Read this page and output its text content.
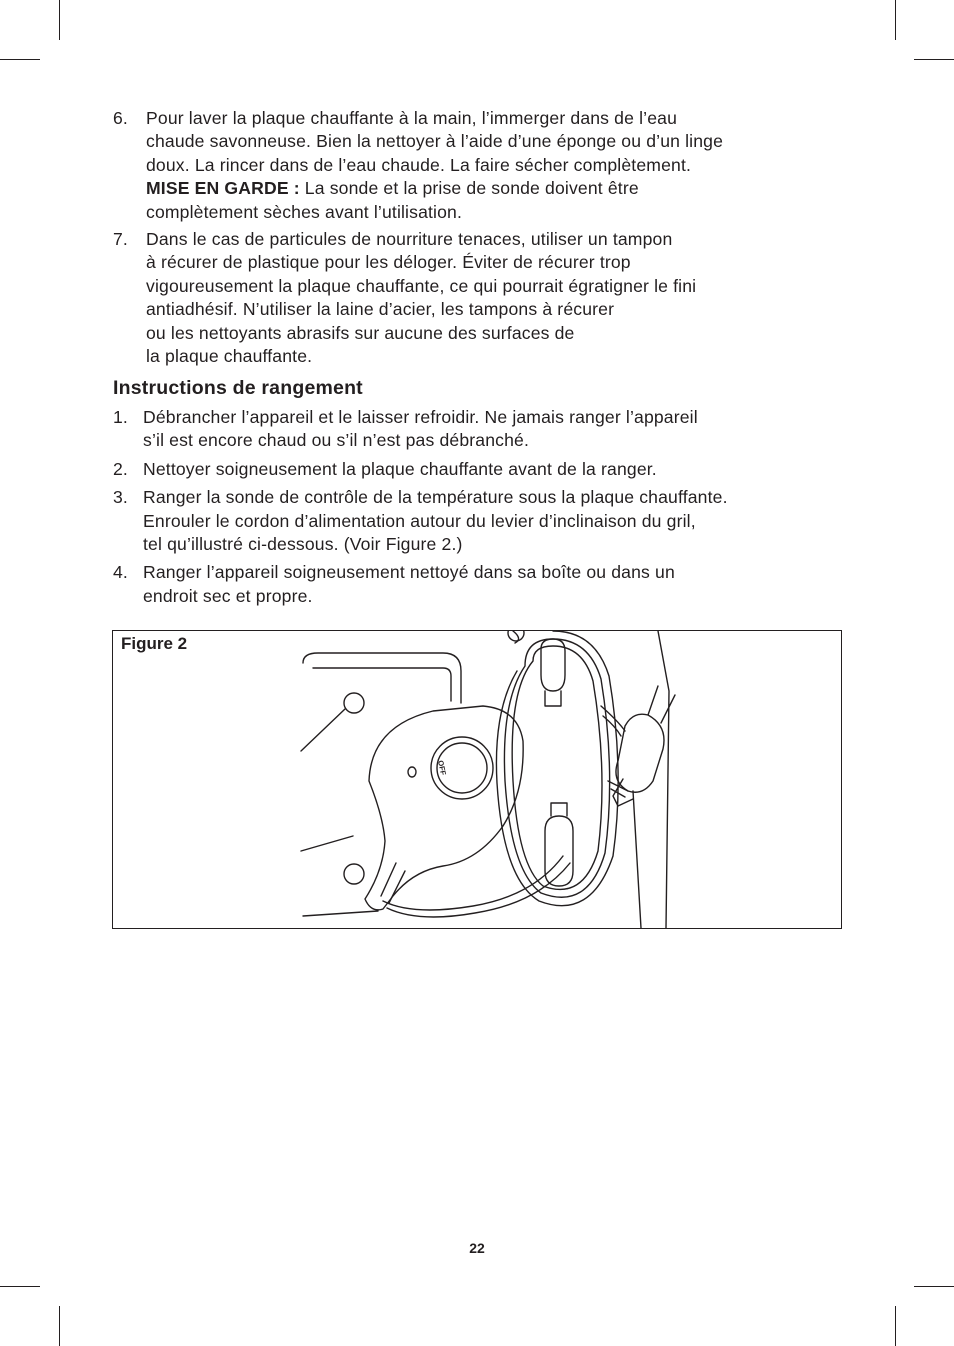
6.	Pour laver la plaque chauffante à la main, l’immerger dans de l’eau
chaude savonneuse. Bien la nettoyer à l’aide d’une éponge ou d’un linge
doux. La rincer dans de l’eau chaude. La faire sécher complètement.
MISE EN GARDE : La sonde et la prise de sonde doivent être
complètement sèches avant l’utilisation.
7.	Dans le cas de particules de nourriture tenaces, utiliser un tampon
à récurer de plastique pour les déloger. Éviter de récurer trop
vigoureusement la plaque chauffante, ce qui pourrait égratigner le fini
antiadhésif. N’utiliser la laine d’acier, les tampons à récurer
ou les nettoyants abrasifs sur aucune des surfaces de
la plaque chauffante.
Instructions de rangement
1. Débrancher l’appareil et le laisser refroidir. Ne jamais ranger l’appareil
s’il est encore chaud ou s’il n’est pas débranché.
2. Nettoyer soigneusement la plaque chauffante avant de la ranger.
3. Ranger la sonde de contrôle de la température sous la plaque chauffante.
Enrouler le cordon d’alimentation autour du levier d’inclinaison du gril,
tel qu’illustré ci-dessous. (Voir Figure 2.)
4. Ranger l’appareil soigneusement nettoyé dans sa boîte ou dans un
endroit sec et propre.
OFF
Figure 2
22
